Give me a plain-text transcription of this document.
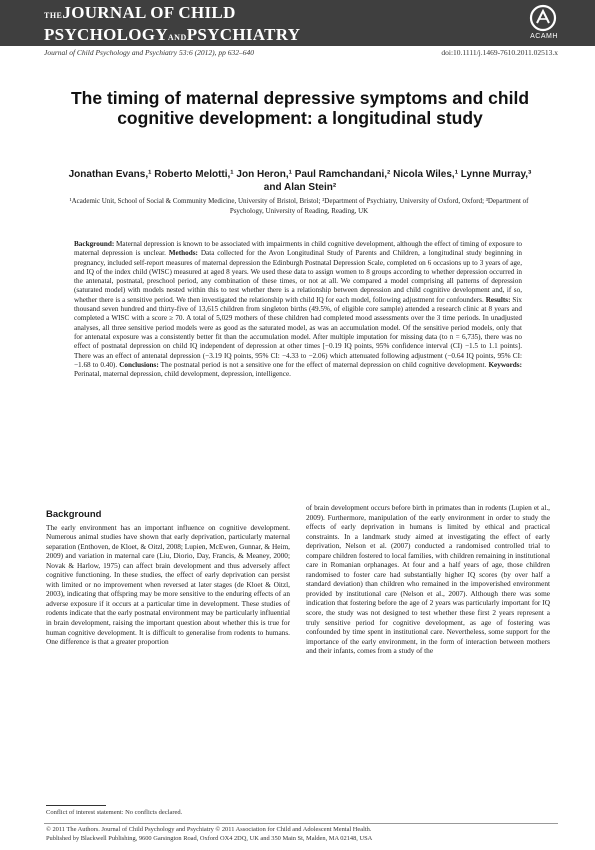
THEJOURNAL OF CHILD
PSYCHOLOGYANDPSYCHIATRY	ACAMH
Journal of Child Psychology and Psychiatry 53:6 (2012), pp 632–640	doi:10.1111/j.1469-7610.2011.02513.x
The timing of maternal depressive symptoms and child cognitive development: a longitudinal study
Jonathan Evans,¹ Roberto Melotti,¹ Jon Heron,¹ Paul Ramchandani,² Nicola Wiles,¹ Lynne Murray,³ and Alan Stein²
¹Academic Unit, School of Social & Community Medicine, University of Bristol, Bristol; ²Department of Psychiatry, University of Oxford, Oxford; ³Department of Psychology, University of Reading, Reading, UK
Background: Maternal depression is known to be associated with impairments in child cognitive development, although the effect of timing of exposure to maternal depression is unclear. Methods: Data collected for the Avon Longitudinal Study of Parents and Children, a longitudinal study beginning in pregnancy, included self-report measures of maternal depression the Edinburgh Postnatal Depression Scale, completed on 6 occasions up to 3 years of age, and IQ of the index child (WISC) measured at aged 8 years. We used these data to assign women to 8 groups according to whether depression occurred in the antenatal, postnatal, preschool period, any combination of these times, or not at all. We compared a model comprising all patterns of depression (saturated model) with models nested within this to test whether there is a relationship between depression and child cognitive development and, if so, whether there is a sensitive period. We then investigated the relationship with child IQ for each model, following adjustment for confounders. Results: Six thousand seven hundred and thirty-five of 13,615 children from singleton births (49.5%, of eligible core sample) attended a research clinic at 8 years and completed a WISC with a score ≥ 70. A total of 5,029 mothers of these children had completed mood assessments over the 3 time periods. In unadjusted analyses, all three sensitive period models were as good as the saturated model, as was an accumulation model. Of the sensitive period models, only that for antenatal exposure was a consistently better fit than the accumulation model. After multiple imputation for missing data (to n = 6,735), there was no effect of postnatal depression on child IQ independent of depression at other times [−0.19 IQ points, 95% confidence interval (CI) −1.5 to 1.1 points]. There was an effect of antenatal depression (−3.19 IQ points, 95% CI: −4.33 to −2.06) which attenuated following adjustment (−0.64 IQ points, 95% CI: −1.68 to 0.40). Conclusions: The postnatal period is not a sensitive one for the effect of maternal depression on child cognitive development. Keywords: Perinatal, maternal depression, child development, depression, intelligence.
Background
The early environment has an important influence on cognitive development. Numerous animal studies have shown that early deprivation, particularly maternal separation (Enthoven, de Kloet, & Oitzl, 2008; Lupien, McEwen, Gunnar, & Heim, 2009) and variation in maternal care (Liu, Diorio, Day, Francis, & Meaney, 2000; Novak & Harlow, 1975) can affect brain development and thus adversely affect cognitive functioning. In these studies, the effect of early deprivation can persist with limited or no improvement when reversed at later stages (de Kloet & Oitzl, 2003), indicating that offspring may be more sensitive to the enduring effects of an adverse exposure if it occurs at a particular time in development. These studies of rodents indicate that the early postnatal environment may be particularly influential in brain development, raising the important question about whether this is true for human cognitive development. It is difficult to generalise from rodents to humans. One difference is that a greater proportion
of brain development occurs before birth in primates than in rodents (Lupien et al., 2009). Furthermore, manipulation of the early environment in order to study the effects of early deprivation in humans is limited by ethical and practical constraints. In a landmark study aimed at investigating the effect of early deprivation, Nelson et al. (2007) conducted a randomised controlled trial to compare children fostered to local families, with children remaining in institutional care in Romanian orphanages. At four and a half years of age, those children randomised to foster care had substantially higher IQ scores (by over half a standard deviation) than children who remained in the impoverished environment provided by institutional care (Nelson et al., 2007). Although there was some indication that fostering before the age of 2 years was particularly important for IQ score, the study was not designed to test whether these first 2 years represent a truly sensitive period for cognitive development, as age of fostering was confounded by time spent in institutional care. Nevertheless, some support for the importance of the early environment, in the form of interaction between mothers and their infants, comes from a study of the
Conflict of interest statement: No conflicts declared.
© 2011 The Authors. Journal of Child Psychology and Psychiatry © 2011 Association for Child and Adolescent Mental Health.
Published by Blackwell Publishing, 9600 Garsington Road, Oxford OX4 2DQ, UK and 350 Main St, Malden, MA 02148, USA
